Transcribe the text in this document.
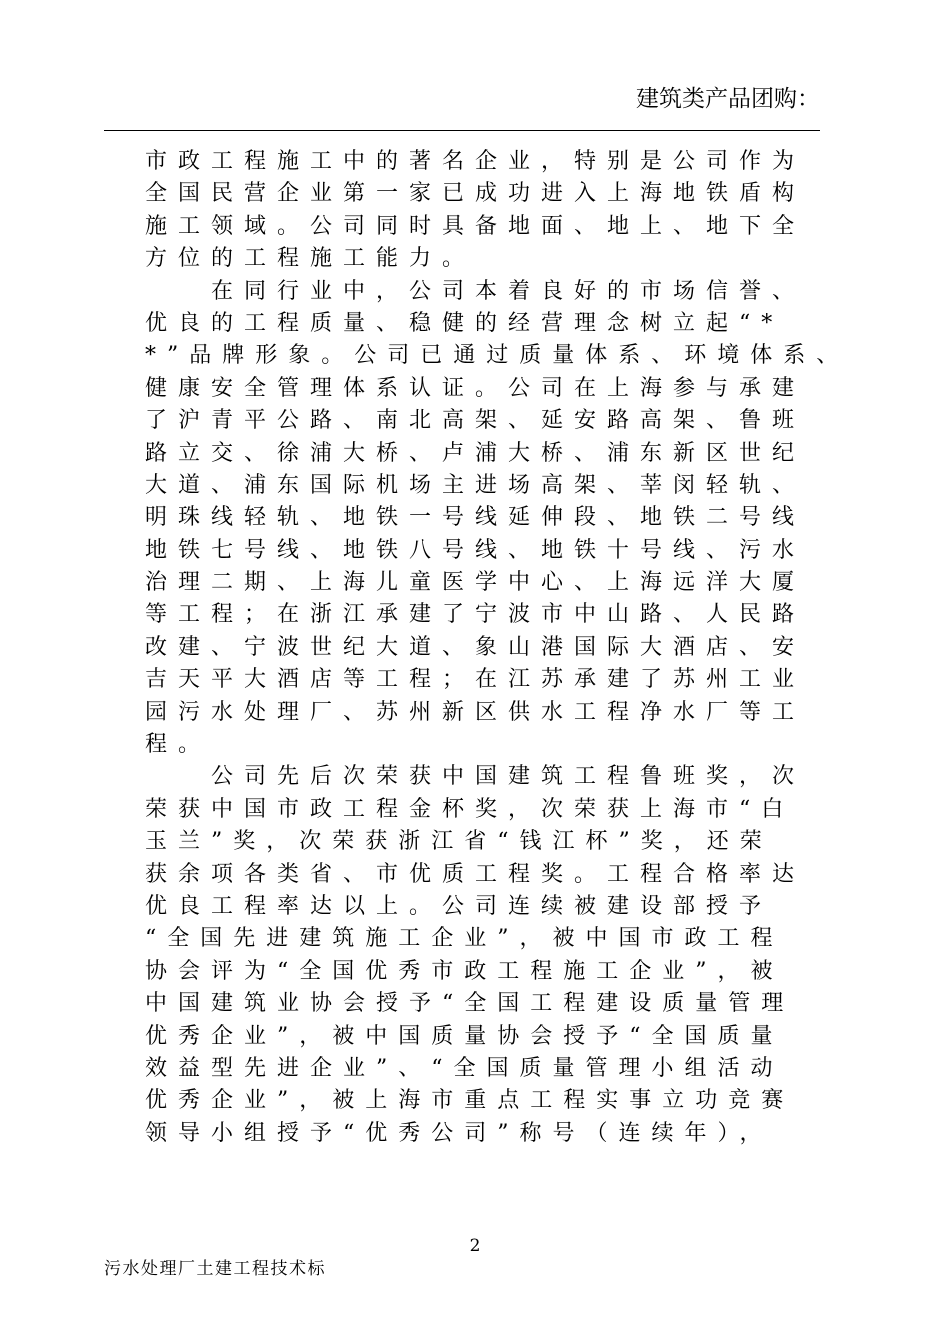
建筑类产品团购：
市政工程施工中的著名企业，特别是公司作为
全国民营企业第一家已成功进入上海地铁盾构
施工领域。公司同时具备地面、地上、地下全
方位的工程施工能力。
在同行业中，公司本着良好的市场信誉、
优良的工程质量、稳健的经营理念树立起“*
*”品牌形象。公司已通过质量体系、环境体系、
健康安全管理体系认证。公司在上海参与承建
了沪青平公路、南北高架、延安路高架、鲁班
路立交、徐浦大桥、卢浦大桥、浦东新区世纪
大道、浦东国际机场主进场高架、莘闵轻轨、
明珠线轻轨、地铁一号线延伸段、地铁二号线
地铁七号线、地铁八号线、地铁十号线、污水
治理二期、上海儿童医学中心、上海远洋大厦
等工程；在浙江承建了宁波市中山路、人民路
改建、宁波世纪大道、象山港国际大酒店、安
吉天平大酒店等工程；在江苏承建了苏州工业
园污水处理厂、苏州新区供水工程净水厂等工
程。
公司先后次荣获中国建筑工程鲁班奖，次
荣获中国市政工程金杯奖，次荣获上海市“白
玉兰”奖，次荣获浙江省“钱江杯”奖，还荣
获余项各类省、市优质工程奖。工程合格率达
优良工程率达以上。公司连续被建设部授予
“全国先进建筑施工企业”，被中国市政工程
协会评为“全国优秀市政工程施工企业”，被
中国建筑业协会授予“全国工程建设质量管理
优秀企业”，被中国质量协会授予“全国质量
效益型先进企业”、“全国质量管理小组活动
优秀企业”，被上海市重点工程实事立功竞赛
领导小组授予“优秀公司”称号（连续年），
2
污水处理厂土建工程技术标
